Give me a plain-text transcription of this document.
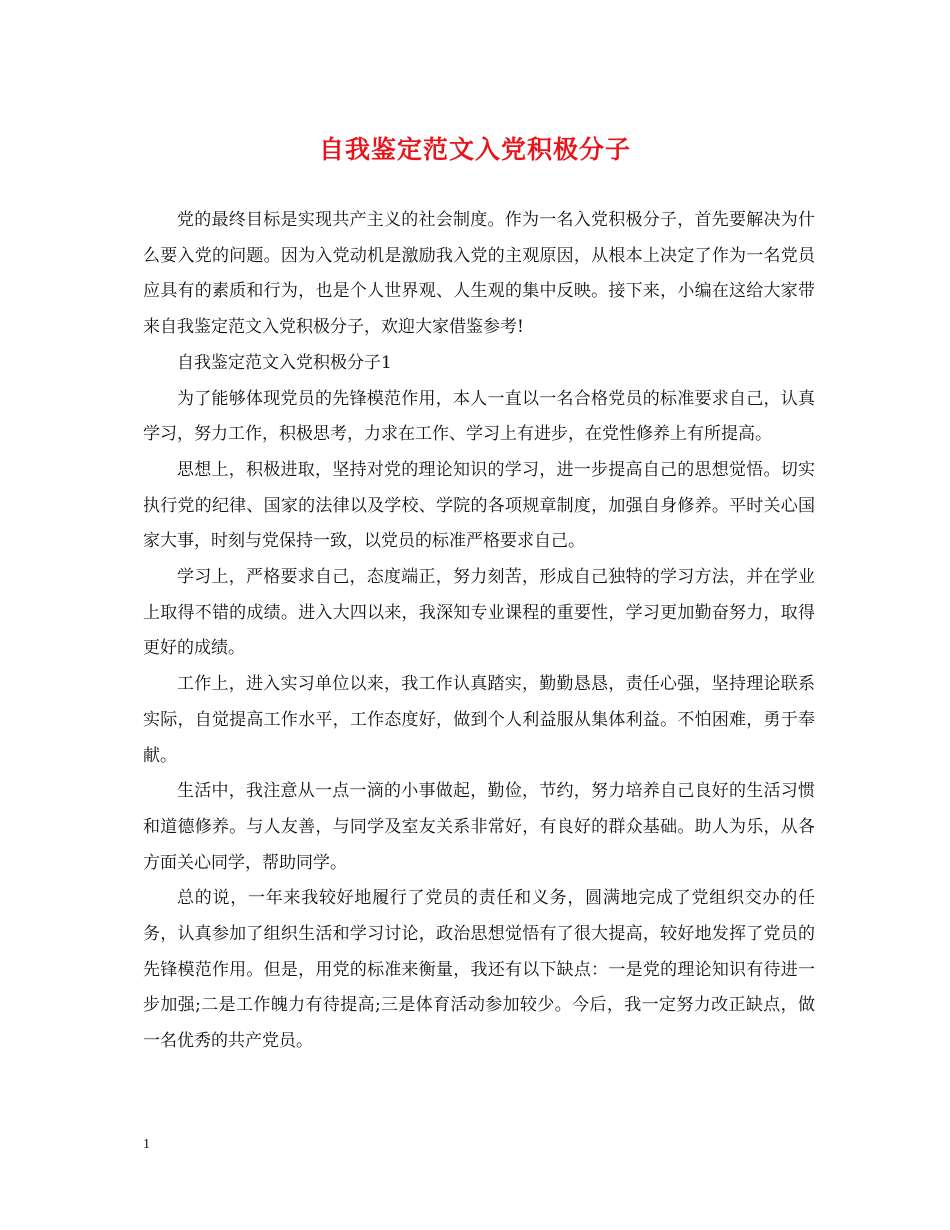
自我鉴定范文入党积极分子

党的最终目标是实现共产主义的社会制度。作为一名入党积极分子，首先要解决为什么要入党的问题。因为入党动机是激励我入党的主观原因，从根本上决定了作为一名党员应具有的素质和行为，也是个人世界观、人生观的集中反映。接下来，小编在这给大家带来自我鉴定范文入党积极分子，欢迎大家借鉴参考!

自我鉴定范文入党积极分子1

为了能够体现党员的先锋模范作用，本人一直以一名合格党员的标准要求自己，认真学习，努力工作，积极思考，力求在工作、学习上有进步，在党性修养上有所提高。

思想上，积极进取，坚持对党的理论知识的学习，进一步提高自己的思想觉悟。切实执行党的纪律、国家的法律以及学校、学院的各项规章制度，加强自身修养。平时关心国家大事，时刻与党保持一致，以党员的标准严格要求自己。

学习上，严格要求自己，态度端正，努力刻苦，形成自己独特的学习方法，并在学业上取得不错的成绩。进入大四以来，我深知专业课程的重要性，学习更加勤奋努力，取得更好的成绩。

工作上，进入实习单位以来，我工作认真踏实，勤勤恳恳，责任心强，坚持理论联系实际，自觉提高工作水平，工作态度好，做到个人利益服从集体利益。不怕困难，勇于奉献。

生活中，我注意从一点一滴的小事做起，勤俭，节约，努力培养自己良好的生活习惯和道德修养。与人友善，与同学及室友关系非常好，有良好的群众基础。助人为乐，从各方面关心同学，帮助同学。

总的说，一年来我较好地履行了党员的责任和义务，圆满地完成了党组织交办的任务，认真参加了组织生活和学习讨论，政治思想觉悟有了很大提高，较好地发挥了党员的先锋模范作用。但是，用党的标准来衡量，我还有以下缺点：一是党的理论知识有待进一步加强;二是工作魄力有待提高;三是体育活动参加较少。今后，我一定努力改正缺点，做一名优秀的共产党员。

1
